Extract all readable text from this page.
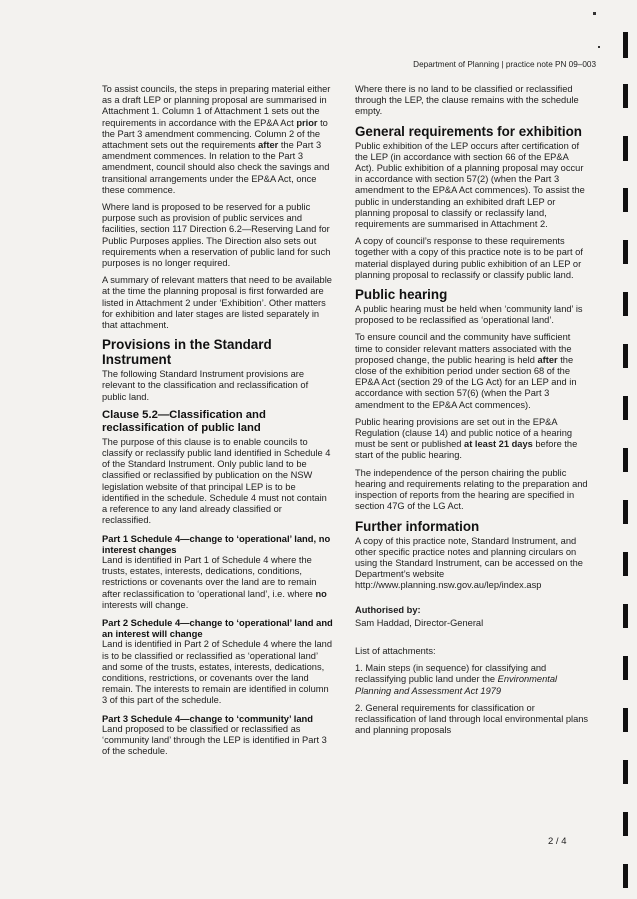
Department of Planning | practice note PN 09–003

To assist councils, the steps in preparing material either as a draft LEP or planning proposal are summarised in Attachment 1. Column 1 of Attachment 1 sets out the requirements in accordance with the EP&A Act prior to the Part 3 amendment commencing. Column 2 of the attachment sets out the requirements after the Part 3 amendment commences. In relation to the Part 3 amendment, council should also check the savings and transitional arrangements under the EP&A Act, once these commence.

Where land is proposed to be reserved for a public purpose such as provision of public services and facilities, section 117 Direction 6.2—Reserving Land for Public Purposes applies. The Direction also sets out requirements when a reservation of public land for such purposes is no longer required.

A summary of relevant matters that need to be available at the time the planning proposal is first forwarded are listed in Attachment 2 under ‘Exhibition’. Other matters for exhibition and later stages are listed separately in that attachment.

Provisions in the Standard Instrument

The following Standard Instrument provisions are relevant to the classification and reclassification of public land.

Clause 5.2—Classification and reclassification of public land

The purpose of this clause is to enable councils to classify or reclassify public land identified in Schedule 4 of the Standard Instrument. Only public land to be classified or reclassified by publication on the NSW legislation website of that principal LEP is to be identified in the schedule. Schedule 4 must not contain a reference to any land already classified or reclassified.

Part 1 Schedule 4—change to ‘operational’ land, no interest changes

Land is identified in Part 1 of Schedule 4 where the trusts, estates, interests, dedications, conditions, restrictions or covenants over the land are to remain after reclassification to ‘operational land’, i.e. where no interests will change.

Part 2 Schedule 4—change to ‘operational’ land and an interest will change

Land is identified in Part 2 of Schedule 4 where the land is to be classified or reclassified as ‘operational land’ and some of the trusts, estates, interests, dedications, conditions, restrictions, or covenants over the land remain. The interests to remain are identified in column 3 of this part of the schedule.

Part 3 Schedule 4—change to ‘community’ land

Land proposed to be classified or reclassified as ‘community land’ through the LEP is identified in Part 3 of the schedule.

Where there is no land to be classified or reclassified through the LEP, the clause remains with the schedule empty.

General requirements for exhibition

Public exhibition of the LEP occurs after certification of the LEP (in accordance with section 66 of the EP&A Act). Public exhibition of a planning proposal may occur in accordance with section 57(2) (when the Part 3 amendment to the EP&A Act commences). To assist the public in understanding an exhibited draft LEP or planning proposal to classify or reclassify land, requirements are summarised in Attachment 2.

A copy of council’s response to these requirements together with a copy of this practice note is to be part of material displayed during public exhibition of an LEP or planning proposal to reclassify or classify public land.

Public hearing

A public hearing must be held when ‘community land’ is proposed to be reclassified as ‘operational land’.

To ensure council and the community have sufficient time to consider relevant matters associated with the proposed change, the public hearing is held after the close of the exhibition period under section 68 of the EP&A Act (section 29 of the LG Act) for an LEP and in accordance with section 57(6) (when the Part 3 amendment to the EP&A Act commences).

Public hearing provisions are set out in the EP&A Regulation (clause 14) and public notice of a hearing must be sent or published at least 21 days before the start of the public hearing.

The independence of the person chairing the public hearing and requirements relating to the preparation and inspection of reports from the hearing are specified in section 47G of the LG Act.

Further information

A copy of this practice note, Standard Instrument, and other specific practice notes and planning circulars on using the Standard Instrument, can be accessed on the Department’s website
http://www.planning.nsw.gov.au/lep/index.asp

Authorised by:

Sam Haddad, Director-General

List of attachments:

1. Main steps (in sequence) for classifying and reclassifying public land under the Environmental Planning and Assessment Act 1979

2. General requirements for classification or reclassification of land through local environmental plans and planning proposals

2 / 4
